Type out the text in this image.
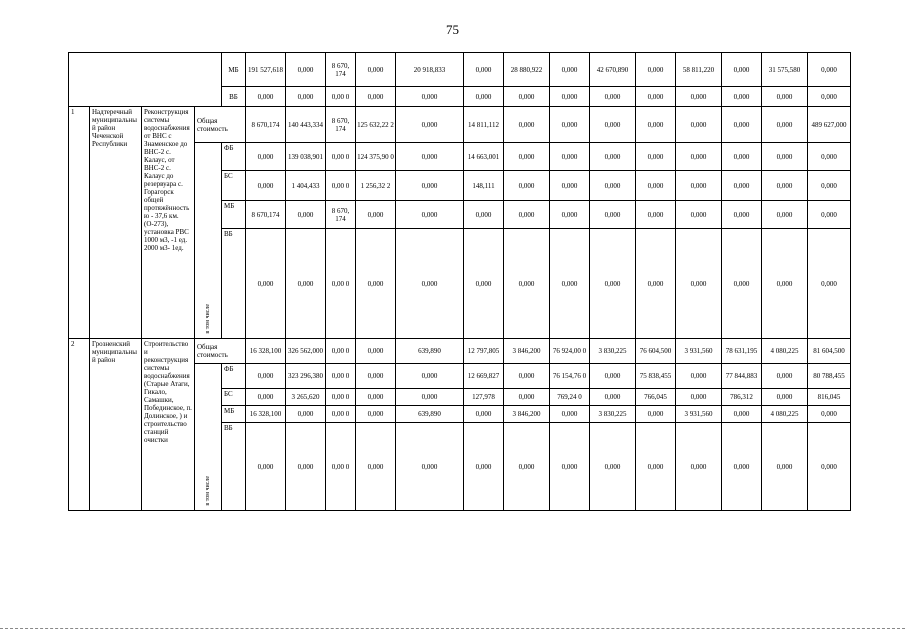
75
				МБ	191 527,618	0,000	8 670, 174	0,000	20 918,833	0,000	28 880,922	0,000	42 670,890	0,000	58 811,220	0,000	31 575,580	0,000
				ВБ	0,000	0,000	0,00 0	0,000	0,000	0,000	0,000	0,000	0,000	0,000	0,000	0,000	0,000	0,000
1	Надтеречный муниципальный район Чеченской Республики	Реконструкция системы водоснабжения от ВНС с Знаменское до ВНС-2 с. Калаус, от ВНС-2 с. Калаус до резервуара с. Горагорск общей протяжённостью - 37,6 км. (О-273), установка РВС 1000 м3, -1 ед. 2000 м3- 1ед.	Общая стоимость		8 670,174	140 443,334	8 670, 174	125 632,22 2	0,000	14 811,112	0,000	0,000	0,000	0,000	0,000	0,000	0,000	489 627,000
			в том числе	ФБ	0,000	139 038,901	0,00 0	124 375,90 0	0,000	14 663,001	0,000	0,000	0,000	0,000	0,000	0,000	0,000	0,000
				БС	0,000	1 404,433	0,00 0	1 256,32 2	0,000	148,111	0,000	0,000	0,000	0,000	0,000	0,000	0,000	0,000
				МБ	8 670,174	0,000	8 670, 174	0,000	0,000	0,000	0,000	0,000	0,000	0,000	0,000	0,000	0,000	0,000
				ВБ	0,000	0,000	0,00 0	0,000	0,000	0,000	0,000	0,000	0,000	0,000	0,000	0,000	0,000	0,000
2	Грозненский муниципальный район	Строительство и реконструкция системы водоснабжения (Старые Атаги, Гикало, Самашки, Побединское, п. Долинское, ) и строительство станций очистки	Общая стоимость		16 328,100	326 562,000	0,00 0	0,000	639,890	12 797,805	3 846,200	76 924,00 0	3 830,225	76 604,500	3 931,560	78 631,195	4 080,225	81 604,500
			в том числе	ФБ	0,000	323 296,380	0,00 0	0,000	0,000	12 669,827	0,000	76 154,76 0	0,000	75 838,455	0,000	77 844,883	0,000	80 788,455
				БС	0,000	3 265,620	0,00 0	0,000	0,000	127,978	0,000	769,24 0	0,000	766,045	0,000	786,312	0,000	816,045
				МБ	16 328,100	0,000	0,00 0	0,000	639,890	0,000	3 846,200	0,000	3 830,225	0,000	3 931,560	0,000	4 080,225	0,000
				ВБ	0,000	0,000	0,00 0	0,000	0,000	0,000	0,000	0,000	0,000	0,000	0,000	0,000	0,000	0,000
